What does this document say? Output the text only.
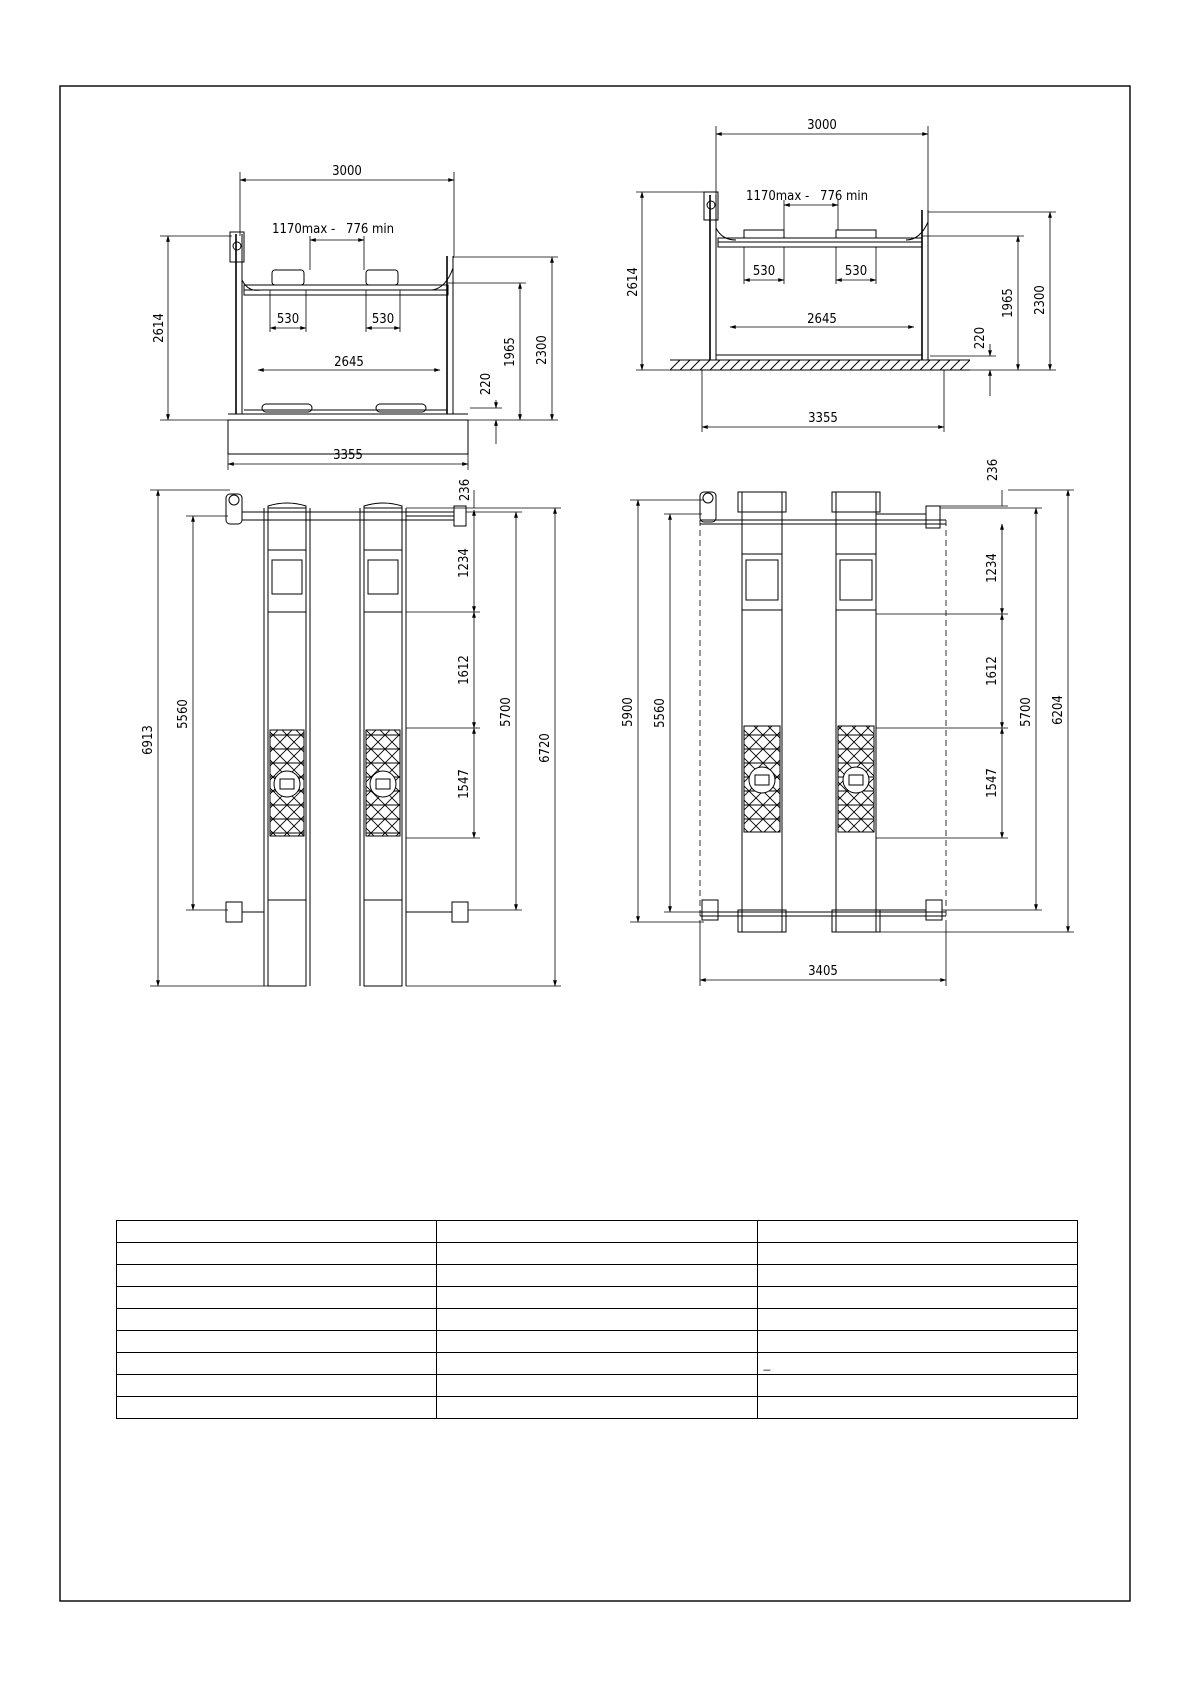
3000
1170max - 776 min
530	530
2645
3355
2614
1965 2300
220
3000
1170max - 776 min
530	530
2645
3355
2614
1965 2300
220
6913
5560
236
1234
1612
1547
5700
6720
5900 5560
236
1234
1612
1547
5700 6204
3405

		_
